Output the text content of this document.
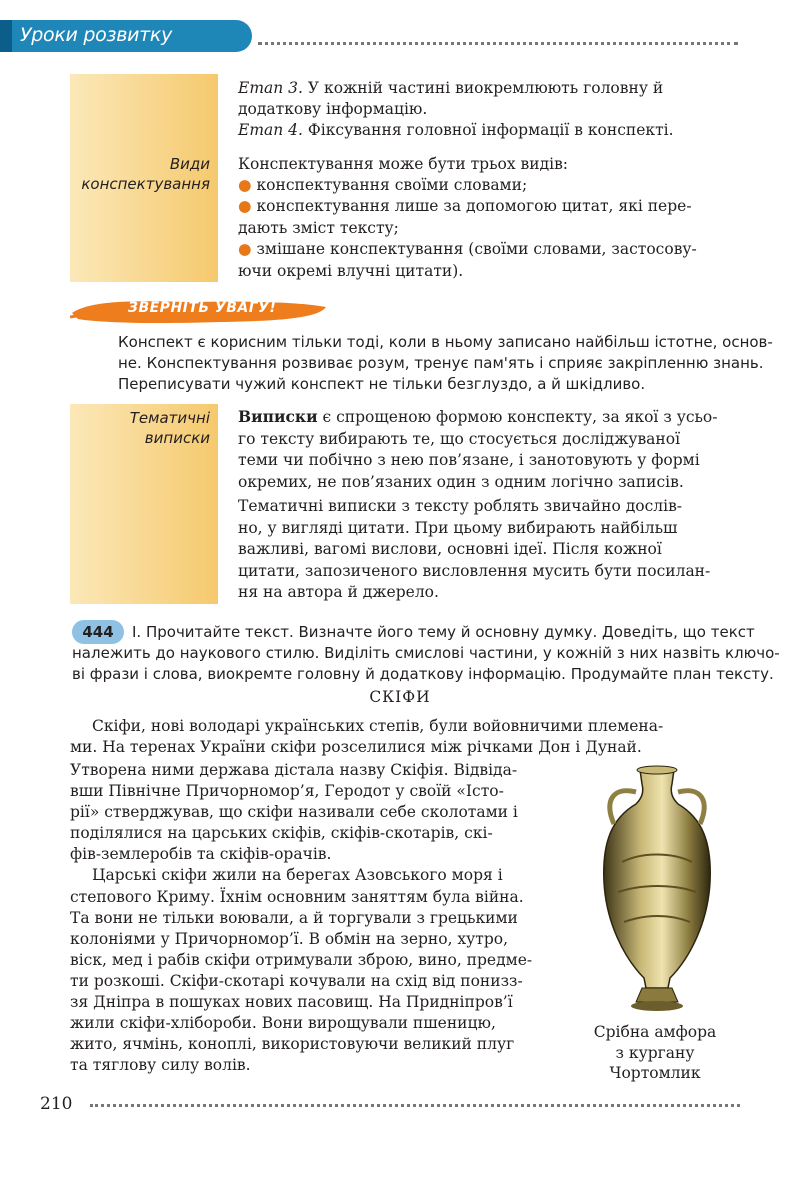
Уроки розвитку мовлення
Види
конспектування
Етап 3. У кожній частині виокремлюють головну й
додаткову інформацію.
Етап 4. Фіксування головної інформації в конспекті.
Конспектування може бути трьох видів:
● конспектування своїми словами;
● конспектування лише за допомогою цитат, які пере-
дають зміст тексту;
● змішане конспектування (своїми словами, застосову-
ючи окремі влучні цитати).
ЗВЕРНІТЬ УВАГУ!
Конспект є корисним тільки тоді, коли в ньому записано найбільш істотне, основ-
не. Конспектування розвиває розум, тренує пам'ять і сприяє закріпленню знань.
Переписувати чужий конспект не тільки безглуздо, а й шкідливо.
Тематичні
виписки
Виписки є спрощеною формою конспекту, за якої з усьо-
го тексту вибирають те, що стосується досліджуваної
теми чи побічно з нею пов’язане, і занотовують у формі
окремих, не пов’язаних один з одним логічно записів.
Тематичні виписки з тексту роблять звичайно дослів-
но, у вигляді цитати. При цьому вибирають найбільш
важливі, вагомі вислови, основні ідеї. Після кожної
цитати, запозиченого висловлення мусить бути посилан-
ня на автора й джерело.
444	І. Прочитайте текст. Визначте його тему й основну думку. Доведіть, що текст
належить до наукового стилю. Виділіть смислові частини, у кожній з них назвіть ключо-
ві фрази і слова, виокремте головну й додаткову інформацію. Продумайте план тексту.
СКІФИ
Скіфи, нові володарі українських степів, були войовничими племена-
ми. На теренах України скіфи розселилися між річками Дон і Дунай.
Утворена ними держава дістала назву Скіфія. Відвіда-
вши Північне Причорномор’я, Геродот у своїй «Істо-
рії» стверджував, що скіфи називали себе сколотами і
поділялися на царських скіфів, скіфів-скотарів, скі-
фів-землеробів та скіфів-орачів.
Царські скіфи жили на берегах Азовського моря і
степового Криму. Їхнім основним заняттям була війна.
Та вони не тільки воювали, а й торгували з грецькими
колоніями у Причорномор’ї. В обмін на зерно, хутро,
віск, мед і рабів скіфи отримували зброю, вино, предме-
ти розкоші. Скіфи-скотарі кочували на схід від понизз-
зя Дніпра в пошуках нових пасовищ. На Придніпров’ї
жили скіфи-хлібороби. Вони вирощували пшеницю,
жито, ячмінь, коноплі, використовуючи великий плуг
та тяглову силу волів.
Срібна амфора
з кургану
Чортомлик
210
